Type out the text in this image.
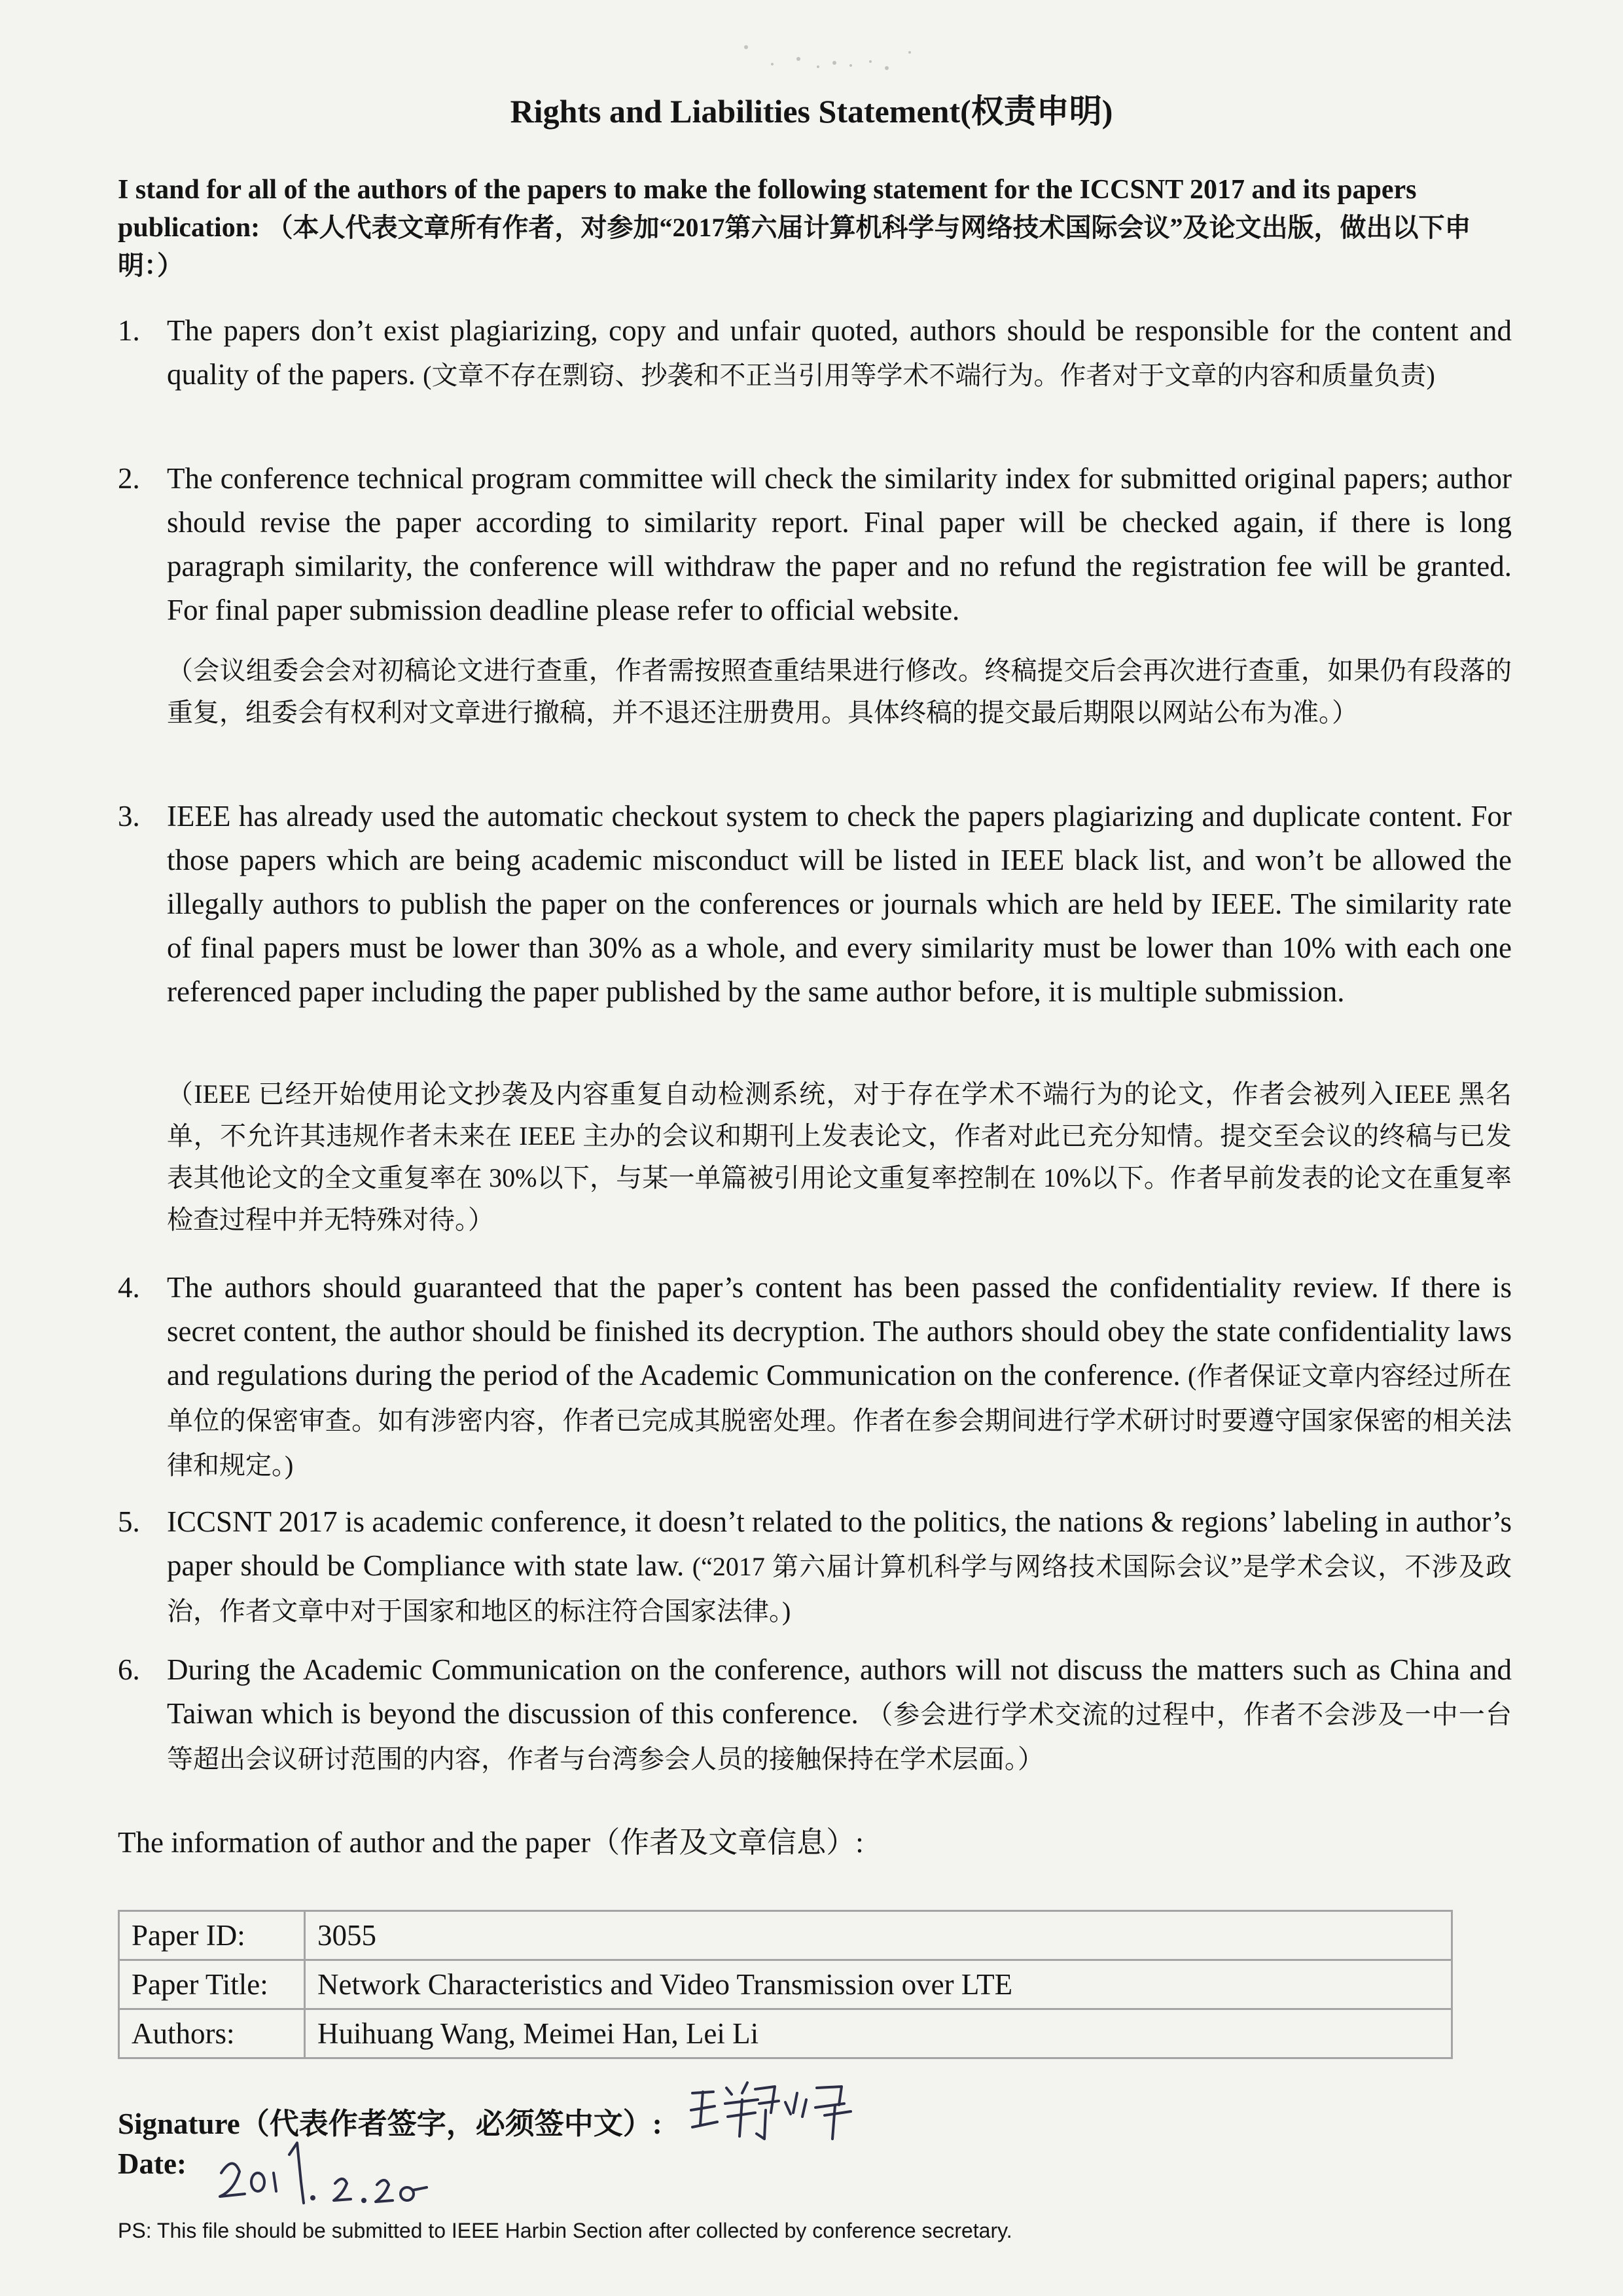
Rights and Liabilities Statement(权责申明)
I stand for all of the authors of the papers to make the following statement for the ICCSNT 2017 and its papers publication: （本人代表文章所有作者，对参加“2017第六届计算机科学与网络技术国际会议”及论文出版，做出以下申明：）
1. The papers don’t exist plagiarizing, copy and unfair quoted, authors should be responsible for the content and quality of the papers. (文章不存在剽窃、抄袭和不正当引用等学术不端行为。作者对于文章的内容和质量负责)
2. The conference technical program committee will check the similarity index for submitted original papers; author should revise the paper according to similarity report. Final paper will be checked again, if there is long paragraph similarity, the conference will withdraw the paper and no refund the registration fee will be granted. For final paper submission deadline please refer to official website.
（会议组委会会对初稿论文进行查重，作者需按照查重结果进行修改。终稿提交后会再次进行查重，如果仍有段落的重复，组委会有权利对文章进行撤稿，并不退还注册费用。具体终稿的提交最后期限以网站公布为准。）
3. IEEE has already used the automatic checkout system to check the papers plagiarizing and duplicate content. For those papers which are being academic misconduct will be listed in IEEE black list, and won’t be allowed the illegally authors to publish the paper on the conferences or journals which are held by IEEE. The similarity rate of final papers must be lower than 30% as a whole, and every similarity must be lower than 10% with each one referenced paper including the paper published by the same author before, it is multiple submission.
（IEEE 已经开始使用论文抄袭及内容重复自动检测系统，对于存在学术不端行为的论文，作者会被列入IEEE 黑名单，不允许其违规作者未来在 IEEE 主办的会议和期刊上发表论文，作者对此已充分知情。提交至会议的终稿与已发表其他论文的全文重复率在 30%以下，与某一单篇被引用论文重复率控制在 10%以下。作者早前发表的论文在重复率检查过程中并无特殊对待。）
4. The authors should guaranteed that the paper’s content has been passed the confidentiality review. If there is secret content, the author should be finished its decryption. The authors should obey the state confidentiality laws and regulations during the period of the Academic Communication on the conference. (作者保证文章内容经过所在单位的保密审查。如有涉密内容，作者已完成其脱密处理。作者在参会期间进行学术研讨时要遵守国家保密的相关法律和规定。)
5. ICCSNT 2017 is academic conference, it doesn’t related to the politics, the nations & regions’ labeling in author’s paper should be Compliance with state law. (“2017 第六届计算机科学与网络技术国际会议”是学术会议，不涉及政治，作者文章中对于国家和地区的标注符合国家法律。)
6. During the Academic Communication on the conference, authors will not discuss the matters such as China and Taiwan which is beyond the discussion of this conference. （参会进行学术交流的过程中，作者不会涉及一中一台等超出会议研讨范围的内容，作者与台湾参会人员的接触保持在学术层面。）
The information of author and the paper（作者及文章信息）:
Paper ID:	3055
Paper Title:	Network Characteristics and Video Transmission over LTE
Authors:	Huihuang Wang, Meimei Han, Lei Li
Signature（代表作者签字，必须签中文）:
Date:
PS: This file should be submitted to IEEE Harbin Section after collected by conference secretary.
